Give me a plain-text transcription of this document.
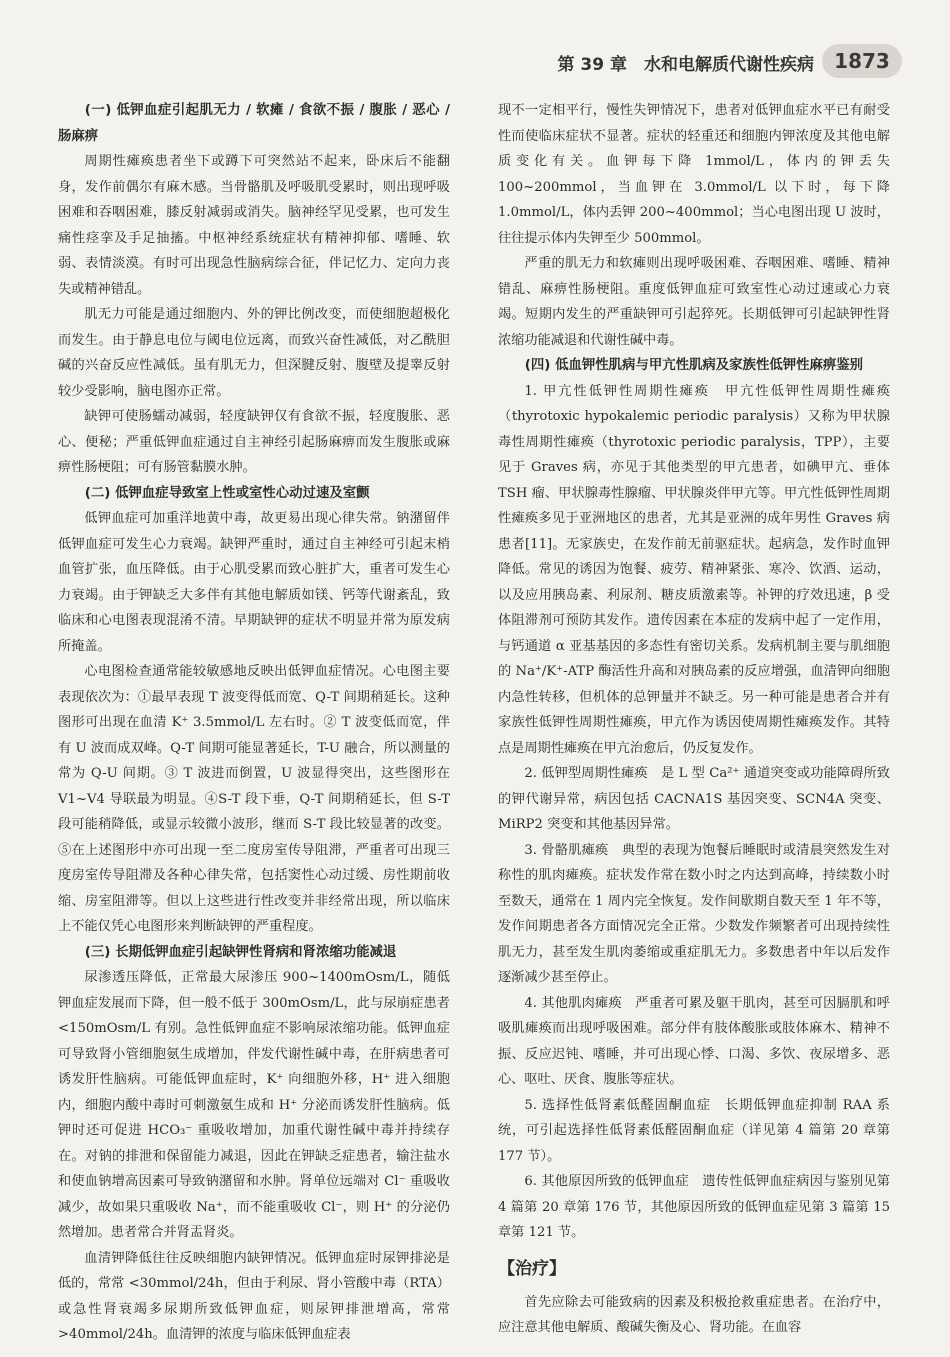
第 39 章　水和电解质代谢性疾病	1873
(一) 低钾血症引起肌无力 / 软瘫 / 食欲不振 / 腹胀 / 恶心 / 肠麻痹

周期性瘫痪患者坐下或蹲下可突然站不起来，卧床后不能翻身，发作前偶尔有麻木感。当骨骼肌及呼吸肌受累时，则出现呼吸困难和吞咽困难，膝反射减弱或消失。脑神经罕见受累，也可发生痛性痉挛及手足抽搐。中枢神经系统症状有精神抑郁、嗜睡、软弱、表情淡漠。有时可出现急性脑病综合征，伴记忆力、定向力丧失或精神错乱。

肌无力可能是通过细胞内、外的钾比例改变，而使细胞超极化而发生。由于静息电位与阈电位远离，而致兴奋性减低，对乙酰胆碱的兴奋反应性减低。虽有肌无力，但深腱反射、腹壁及提睾反射较少受影响，脑电图亦正常。

缺钾可使肠蠕动减弱，轻度缺钾仅有食欲不振，轻度腹胀、恶心、便秘；严重低钾血症通过自主神经引起肠麻痹而发生腹胀或麻痹性肠梗阻；可有肠管黏膜水肿。

(二) 低钾血症导致室上性或室性心动过速及室颤

低钾血症可加重洋地黄中毒，故更易出现心律失常。钠潴留伴低钾血症可发生心力衰竭。缺钾严重时，通过自主神经可引起末梢血管扩张，血压降低。由于心肌受累而致心脏扩大，重者可发生心力衰竭。由于钾缺乏大多伴有其他电解质如镁、钙等代谢紊乱，致临床和心电图表现混淆不清。早期缺钾的症状不明显并常为原发病所掩盖。

心电图检查通常能较敏感地反映出低钾血症情况。心电图主要表现依次为：①最早表现 T 波变得低而宽、Q-T 间期稍延长。这种图形可出现在血清 K⁺ 3.5mmol/L 左右时。② T 波变低而宽，伴有 U 波而成双峰。Q-T 间期可能显著延长，T-U 融合，所以测量的常为 Q-U 间期。③ T 波进而倒置，U 波显得突出，这些图形在 V1~V4 导联最为明显。④S-T 段下垂，Q-T 间期稍延长，但 S-T 段可能稍降低，或显示较微小波形，继而 S-T 段比较显著的改变。⑤在上述图形中亦可出现一至二度房室传导阻滞，严重者可出现三度房室传导阻滞及各种心律失常，包括窦性心动过缓、房性期前收缩、房室阻滞等。但以上这些进行性改变并非经常出现，所以临床上不能仅凭心电图形来判断缺钾的严重程度。

(三) 长期低钾血症引起缺钾性肾病和肾浓缩功能减退

尿渗透压降低，正常最大尿渗压 900~1400mOsm/L，随低钾血症发展而下降，但一般不低于 300mOsm/L，此与尿崩症患者 <150mOsm/L 有别。急性低钾血症不影响尿浓缩功能。低钾血症可导致肾小管细胞氨生成增加，伴发代谢性碱中毒，在肝病患者可诱发肝性脑病。可能低钾血症时，K⁺ 向细胞外移，H⁺ 进入细胞内，细胞内酸中毒时可刺激氨生成和 H⁺ 分泌而诱发肝性脑病。低钾时还可促进 HCO₃⁻ 重吸收增加，加重代谢性碱中毒并持续存在。对钠的排泄和保留能力减退，因此在钾缺乏症患者，输注盐水和使血钠增高因素可导致钠潴留和水肿。肾单位远端对 Cl⁻ 重吸收减少，故如果只重吸收 Na⁺，而不能重吸收 Cl⁻，则 H⁺ 的分泌仍然增加。患者常合并肾盂肾炎。

血清钾降低往往反映细胞内缺钾情况。低钾血症时尿钾排泌是低的，常常 <30mmol/24h，但由于利尿、肾小管酸中毒（RTA）或急性肾衰竭多尿期所致低钾血症，则尿钾排泄增高，常常 >40mmol/24h。血清钾的浓度与临床低钾血症表

现不一定相平行，慢性失钾情况下，患者对低钾血症水平已有耐受性而使临床症状不显著。症状的轻重还和细胞内钾浓度及其他电解质变化有关。血钾每下降 1mmol/L，体内的钾丢失 100~200mmol，当血钾在 3.0mmol/L 以下时，每下降 1.0mmol/L，体内丢钾 200~400mmol；当心电图出现 U 波时，往往提示体内失钾至少 500mmol。

严重的肌无力和软瘫则出现呼吸困难、吞咽困难、嗜睡、精神错乱、麻痹性肠梗阻。重度低钾血症可致室性心动过速或心力衰竭。短期内发生的严重缺钾可引起猝死。长期低钾可引起缺钾性肾浓缩功能减退和代谢性碱中毒。

(四) 低血钾性肌病与甲亢性肌病及家族性低钾性麻痹鉴别

1. 甲亢性低钾性周期性瘫痪　甲亢性低钾性周期性瘫痪（thyrotoxic hypokalemic periodic paralysis）又称为甲状腺毒性周期性瘫痪（thyrotoxic periodic paralysis，TPP），主要见于 Graves 病，亦见于其他类型的甲亢患者，如碘甲亢、垂体 TSH 瘤、甲状腺毒性腺瘤、甲状腺炎伴甲亢等。甲亢性低钾性周期性瘫痪多见于亚洲地区的患者，尤其是亚洲的成年男性 Graves 病患者[11]。无家族史，在发作前无前驱症状。起病急，发作时血钾降低。常见的诱因为饱餐、疲劳、精神紧张、寒冷、饮酒、运动，以及应用胰岛素、利尿剂、糖皮质激素等。补钾的疗效迅速，β 受体阻滞剂可预防其发作。遗传因素在本症的发病中起了一定作用，与钙通道 α 亚基基因的多态性有密切关系。发病机制主要与肌细胞的 Na⁺/K⁺-ATP 酶活性升高和对胰岛素的反应增强，血清钾向细胞内急性转移，但机体的总钾量并不缺乏。另一种可能是患者合并有家族性低钾性周期性瘫痪，甲亢作为诱因使周期性瘫痪发作。其特点是周期性瘫痪在甲亢治愈后，仍反复发作。

2. 低钾型周期性瘫痪　是 L 型 Ca²⁺ 通道突变或功能障碍所致的钾代谢异常，病因包括 CACNA1S 基因突变、SCN4A 突变、MiRP2 突变和其他基因异常。

3. 骨骼肌瘫痪　典型的表现为饱餐后睡眠时或清晨突然发生对称性的肌肉瘫痪。症状发作常在数小时之内达到高峰，持续数小时至数天，通常在 1 周内完全恢复。发作间歇期自数天至 1 年不等，发作间期患者各方面情况完全正常。少数发作频繁者可出现持续性肌无力，甚至发生肌肉萎缩或重症肌无力。多数患者中年以后发作逐渐减少甚至停止。

4. 其他肌肉瘫痪　严重者可累及躯干肌肉，甚至可因膈肌和呼吸肌瘫痪而出现呼吸困难。部分伴有肢体酸胀或肢体麻木、精神不振、反应迟钝、嗜睡，并可出现心悸、口渴、多饮、夜尿增多、恶心、呕吐、厌食、腹胀等症状。

5. 选择性低肾素低醛固酮血症　长期低钾血症抑制 RAA 系统，可引起选择性低肾素低醛固酮血症（详见第 4 篇第 20 章第 177 节）。

6. 其他原因所致的低钾血症　遗传性低钾血症病因与鉴别见第 4 篇第 20 章第 176 节，其他原因所致的低钾血症见第 3 篇第 15 章第 121 节。

【治疗】

首先应除去可能致病的因素及积极抢救重症患者。在治疗中，应注意其他电解质、酸碱失衡及心、肾功能。在血容
